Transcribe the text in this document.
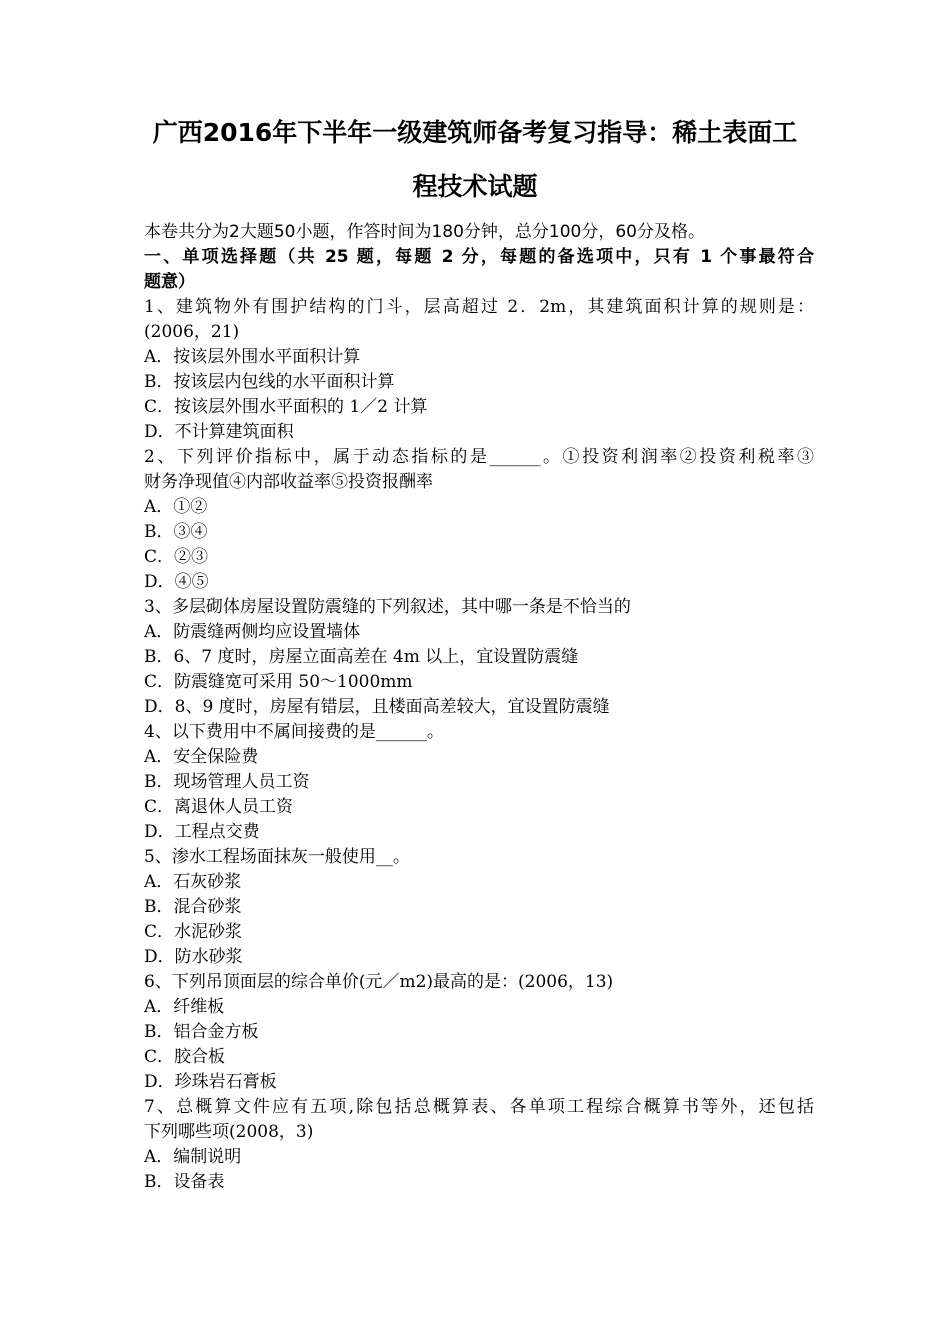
广西2016年下半年一级建筑师备考复习指导：稀土表面工
程技术试题
本卷共分为2大题50小题，作答时间为180分钟，总分100分，60分及格。
一、单项选择题（共 25 题，每题 2 分，每题的备选项中，只有 1 个事最符合
题意）
1、建筑物外有围护结构的门斗，层高超过 2．2m，其建筑面积计算的规则是：
(2006，21)
A．按该层外围水平面积计算
B．按该层内包线的水平面积计算
C．按该层外围水平面积的 1／2 计算
D．不计算建筑面积
2、下列评价指标中，属于动态指标的是______。①投资利润率②投资利税率③
财务净现值④内部收益率⑤投资报酬率
A．①②
B．③④
C．②③
D．④⑤
3、多层砌体房屋设置防震缝的下列叙述，其中哪一条是不恰当的
A．防震缝两侧均应设置墙体
B．6、7 度时，房屋立面高差在 4m 以上，宜设置防震缝
C．防震缝宽可采用 50～1000mm
D．8、9 度时，房屋有错层，且楼面高差较大，宜设置防震缝
4、以下费用中不属间接费的是______。
A．安全保险费
B．现场管理人员工资
C．离退休人员工资
D．工程点交费
5、渗水工程场面抹灰一般使用__。
A．石灰砂浆
B．混合砂浆
C．水泥砂浆
D．防水砂浆
6、下列吊顶面层的综合单价(元／m2)最高的是：(2006，13)
A．纤维板
B．铝合金方板
C．胶合板
D．珍珠岩石膏板
7、总概算文件应有五项,除包括总概算表、各单项工程综合概算书等外，还包括
下列哪些项(2008，3)
A．编制说明
B．设备表
